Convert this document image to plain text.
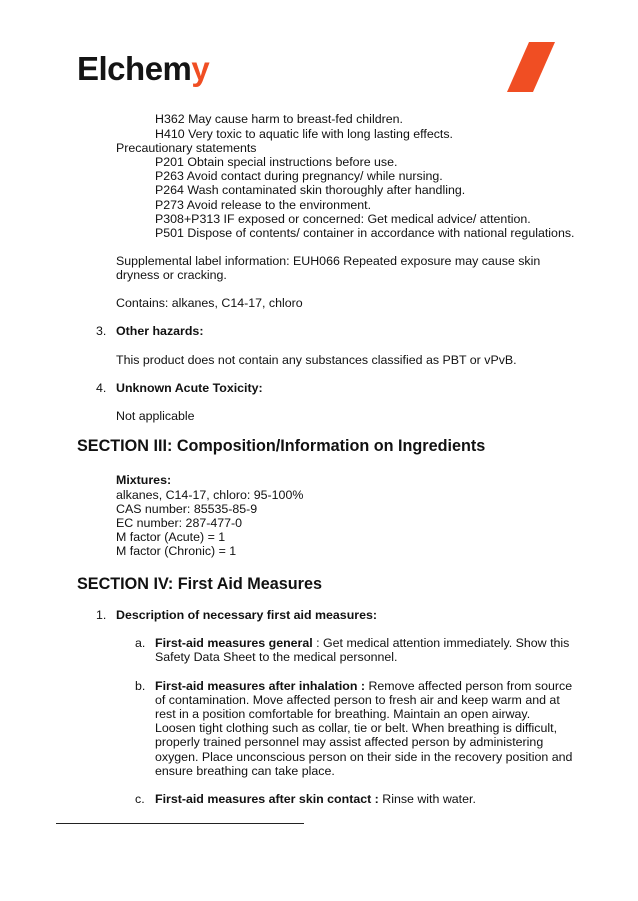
Elchemy
H362 May cause harm to breast-fed children.
H410 Very toxic to aquatic life with long lasting effects.
Precautionary statements
P201 Obtain special instructions before use.
P263 Avoid contact during pregnancy/ while nursing.
P264 Wash contaminated skin thoroughly after handling.
P273 Avoid release to the environment.
P308+P313 IF exposed or concerned: Get medical advice/ attention.
P501 Dispose of contents/ container in accordance with national regulations.
Supplemental label information: EUH066 Repeated exposure may cause skin
dryness or cracking.
Contains: alkanes, C14-17, chloro
3. Other hazards:
This product does not contain any substances classified as PBT or vPvB.
4. Unknown Acute Toxicity:
Not applicable
SECTION III: Composition/Information on Ingredients
Mixtures:
alkanes, C14-17, chloro: 95-100%
CAS number: 85535-85-9
EC number: 287-477-0
M factor (Acute) = 1
M factor (Chronic) = 1
SECTION IV: First Aid Measures
1. Description of necessary first aid measures:
a. First-aid measures general : Get medical attention immediately. Show this
Safety Data Sheet to the medical personnel.
b. First-aid measures after inhalation : Remove affected person from source
of contamination. Move affected person to fresh air and keep warm and at
rest in a position comfortable for breathing. Maintain an open airway.
Loosen tight clothing such as collar, tie or belt. When breathing is difficult,
properly trained personnel may assist affected person by administering
oxygen. Place unconscious person on their side in the recovery position and
ensure breathing can take place.
c. First-aid measures after skin contact : Rinse with water.
